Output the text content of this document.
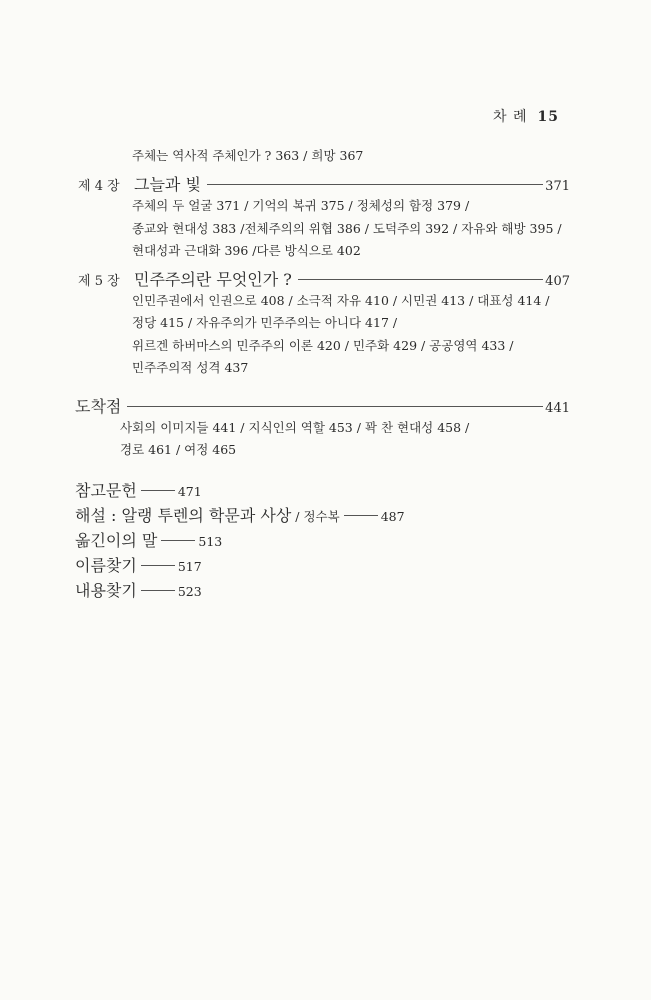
차 례 15
주체는 역사적 주체인가 ? 363 / 희망 367
제 4 장 그늘과 빛	371
주체의 두 얼굴 371 / 기억의 복귀 375 / 정체성의 함정 379 /
종교와 현대성 383 /전체주의의 위협 386 / 도덕주의 392 / 자유와 해방 395 /
현대성과 근대화 396 /다른 방식으로 402
제 5 장 민주주의란 무엇인가 ?	407
인민주권에서 인권으로 408 / 소극적 자유 410 / 시민권 413 / 대표성 414 /
정당 415 / 자유주의가 민주주의는 아니다 417 /
위르겐 하버마스의 민주주의 이론 420 / 민주화 429 / 공공영역 433 /
민주주의적 성격 437
도착점	441
사회의 이미지들 441 / 지식인의 역할 453 / 꽉 찬 현대성 458 /
경로 461 / 여정 465
참고문헌	471
해설 : 알랭 투렌의 학문과 사상 / 정수복	487
옮긴이의 말	513
이름찾기	517
내용찾기	523
